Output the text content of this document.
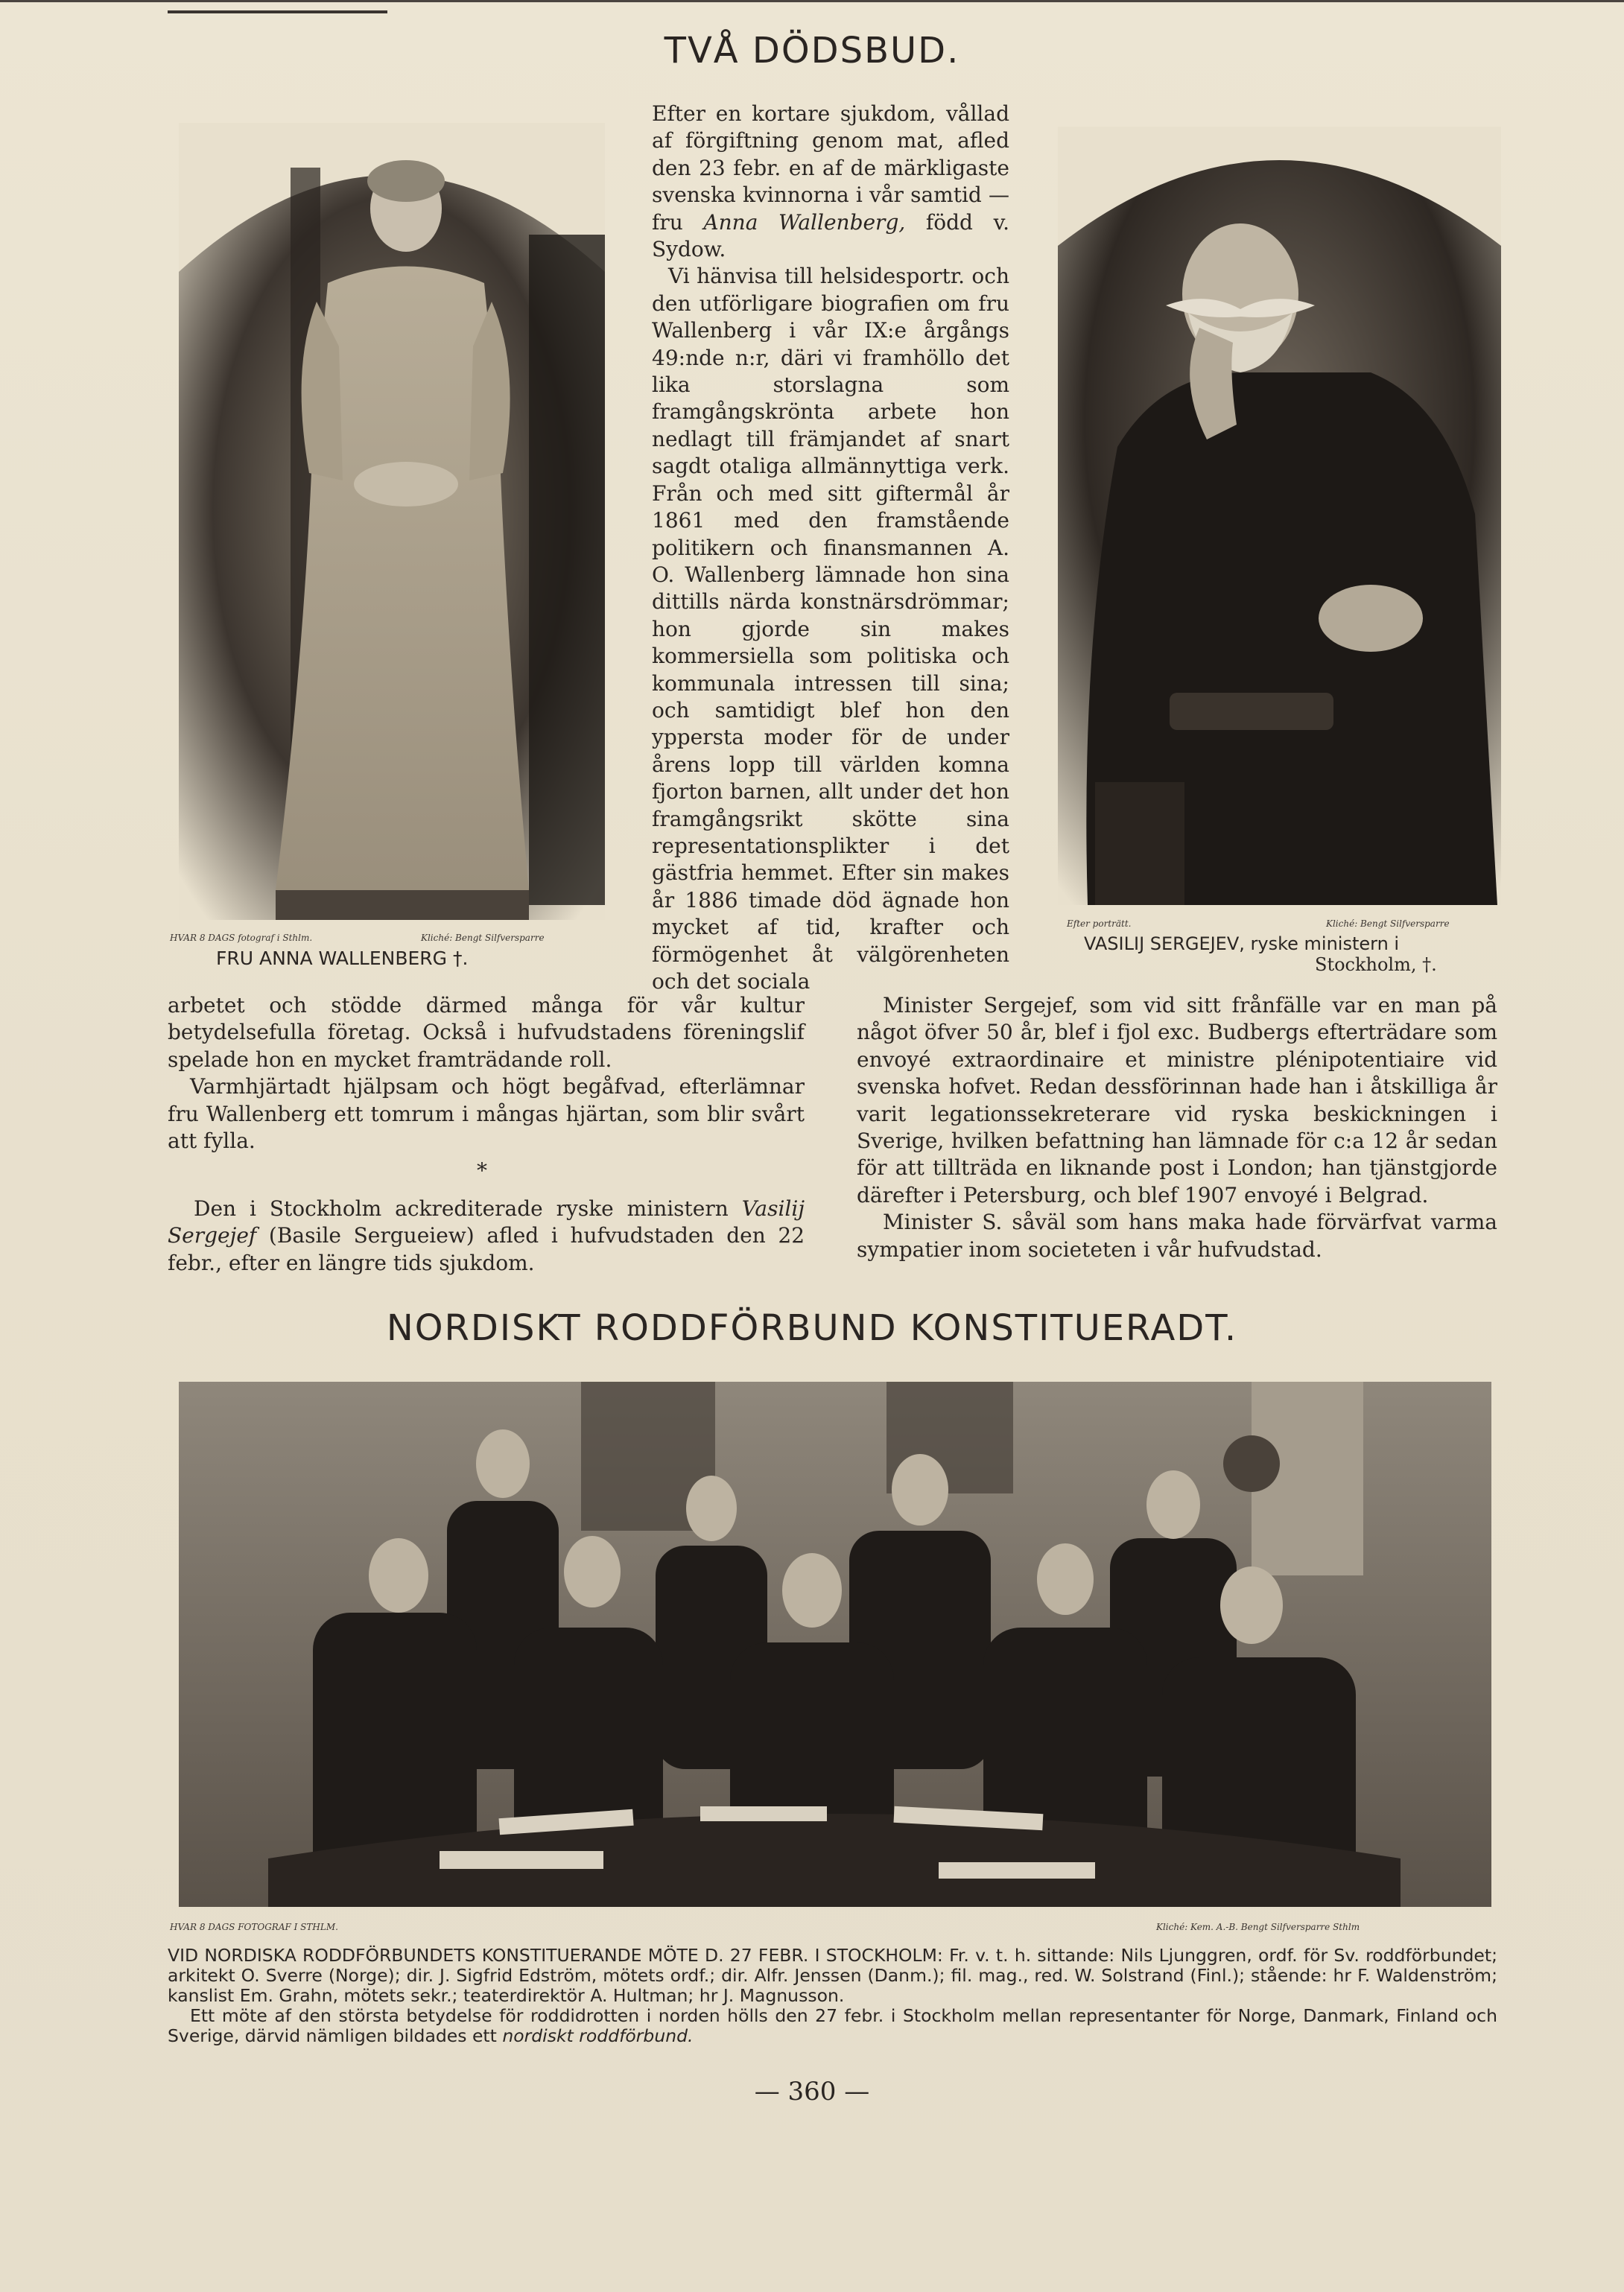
TVÅ DÖDSBUD.
HVAR 8 DAGS fotograf i Sthlm.	Kliché: Bengt Silfversparre
FRU ANNA WALLENBERG †.

Efter en kortare sjukdom, vållad af förgiftning genom mat, afled den 23 febr. en af de märkligaste svenska kvinnorna i vår samtid — fru Anna Wallenberg, född v. Sydow.

Vi hänvisa till helsidesportr. och den utförligare biografien om fru Wallenberg i vår IX:e årgångs 49:nde n:r, däri vi framhöllo det lika storslagna som framgångskrönta arbete hon nedlagt till främjandet af snart sagdt otaliga allmännyttiga verk. Från och med sitt giftermål år 1861 med den framstående politikern och finansmannen A. O. Wallenberg lämnade hon sina dittills närda konstnärsdrömmar; hon gjorde sin makes kommersiella som politiska och kommunala intressen till sina; och samtidigt blef hon den yppersta moder för de under årens lopp till världen komna fjorton barnen, allt under det hon framgångsrikt skötte sina representationsplikter i det gästfria hemmet. Efter sin makes år 1886 timade död ägnade hon mycket af tid, krafter och förmögenhet åt välgörenheten och det sociala

Efter porträtt.	Kliché: Bengt Silfversparre
VASILIJ SERGEJEV, ryske ministern i
Stockholm, †.

arbetet och stödde därmed många för vår kultur betydelsefulla företag. Också i hufvudstadens föreningslif spelade hon en mycket framträdande roll.

Varmhjärtadt hjälpsam och högt begåfvad, efterlämnar fru Wallenberg ett tomrum i mångas hjärtan, som blir svårt att fylla.

*

Den i Stockholm ackrediterade ryske ministern Vasilij Sergejef (Basile Sergueiew) afled i hufvudstaden den 22 febr., efter en längre tids sjukdom.

Minister Sergejef, som vid sitt frånfälle var en man på något öfver 50 år, blef i fjol exc. Budbergs efterträdare som envoyé extraordinaire et ministre plénipotentiaire vid svenska hofvet. Redan dessförinnan hade han i åtskilliga år varit legationssekreterare vid ryska beskickningen i Sverige, hvilken befattning han lämnade för c:a 12 år sedan för att tillträda en liknande post i London; han tjänstgjorde därefter i Petersburg, och blef 1907 envoyé i Belgrad.

Minister S. såväl som hans maka hade förvärfvat varma sympatier inom societeten i vår hufvudstad.

NORDISKT RODDFÖRBUND KONSTITUERADT.
HVAR 8 DAGS FOTOGRAF I STHLM.	Kliché: Kem. A.-B. Bengt Silfversparre Sthlm

VID NORDISKA RODDFÖRBUNDETS KONSTITUERANDE MÖTE D. 27 FEBR. I STOCKHOLM: Fr. v. t. h. sittande: Nils Ljunggren, ordf. för Sv. roddförbundet; arkitekt O. Sverre (Norge); dir. J. Sigfrid Edström, mötets ordf.; dir. Alfr. Jenssen (Danm.); fil. mag., red. W. Solstrand (Finl.); stående: hr F. Waldenström; kanslist Em. Grahn, mötets sekr.; teaterdirektör A. Hultman; hr J. Magnusson.

Ett möte af den största betydelse för roddidrotten i norden hölls den 27 febr. i Stockholm mellan representanter för Norge, Danmark, Finland och Sverige, därvid nämligen bildades ett nordiskt roddförbund.

— 360 —
